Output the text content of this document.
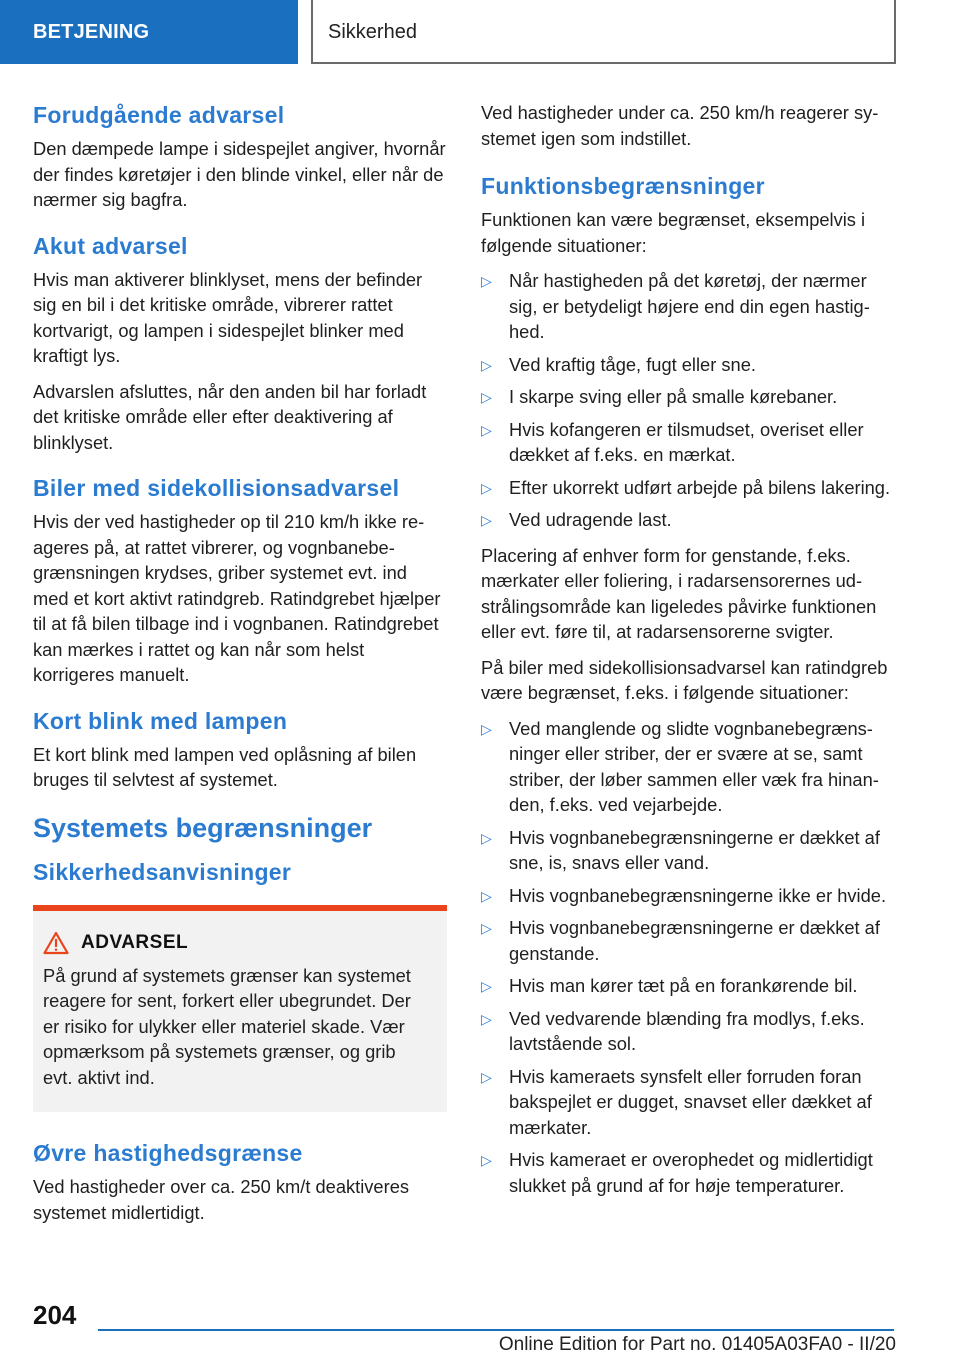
BETJENING	Sikkerhed
Forudgående advarsel

Den dæmpede lampe i sidespejlet angiver, hvornår der findes køretøjer i den blinde vinkel, eller når de nærmer sig bagfra.

Akut advarsel

Hvis man aktiverer blinklyset, mens der befinder sig en bil i det kritiske område, vibrerer rattet kortvarigt, og lampen i sidespejlet blinker med kraftigt lys.

Advarslen afsluttes, når den anden bil har forladt det kritiske område eller efter deaktivering af blinklyset.

Biler med sidekollisionsadvarsel

Hvis der ved hastigheder op til 210 km/h ikke reageres på, at rattet vibrerer, og vognbanebegrænsningen krydses, griber systemet evt. ind med et kort aktivt ratindgreb. Ratindgrebet hjælper til at få bilen tilbage ind i vognbanen. Ratindgrebet kan mærkes i rattet og kan når som helst korrigeres manuelt.

Kort blink med lampen

Et kort blink med lampen ved oplåsning af bilen bruges til selvtest af systemet.

Systemets begrænsninger
Sikkerhedsanvisninger
ADVARSEL

På grund af systemets grænser kan systemet reagere for sent, forkert eller ubegrundet. Der er risiko for ulykker eller materiel skade. Vær opmærksom på systemets grænser, og grib evt. aktivt ind.

Øvre hastighedsgrænse

Ved hastigheder over ca. 250 km/t deaktiveres systemet midlertidigt.

Ved hastigheder under ca. 250 km/h reagerer systemet igen som indstillet.

Funktionsbegrænsninger

Funktionen kan være begrænset, eksempelvis i følgende situationer:

▷ Når hastigheden på det køretøj, der nærmer sig, er betydeligt højere end din egen hastighed.
▷ Ved kraftig tåge, fugt eller sne.
▷ I skarpe sving eller på smalle kørebaner.
▷ Hvis kofangeren er tilsmudset, overiset eller dækket af f.eks. en mærkat.
▷ Efter ukorrekt udført arbejde på bilens lakering.
▷ Ved udragende last.

Placering af enhver form for genstande, f.eks. mærkater eller foliering, i radarsensorernes udstrålingsområde kan ligeledes påvirke funktionen eller evt. føre til, at radarsensorerne svigter.

På biler med sidekollisionsadvarsel kan ratindgreb være begrænset, f.eks. i følgende situationer:

▷ Ved manglende og slidte vognbanebegrænsninger eller striber, der er svære at se, samt striber, der løber sammen eller væk fra hinanden, f.eks. ved vejarbejde.
▷ Hvis vognbanebegrænsningerne er dækket af sne, is, snavs eller vand.
▷ Hvis vognbanebegrænsningerne ikke er hvide.
▷ Hvis vognbanebegrænsningerne er dækket af genstande.
▷ Hvis man kører tæt på en forankørende bil.
▷ Ved vedvarende blænding fra modlys, f.eks. lavtstående sol.
▷ Hvis kameraets synsfelt eller forruden foran bakspejlet er dugget, snavset eller dækket af mærkater.
▷ Hvis kameraet er overophedet og midlertidigt slukket på grund af for høje temperaturer.
204
Online Edition for Part no. 01405A03FA0 - II/20
